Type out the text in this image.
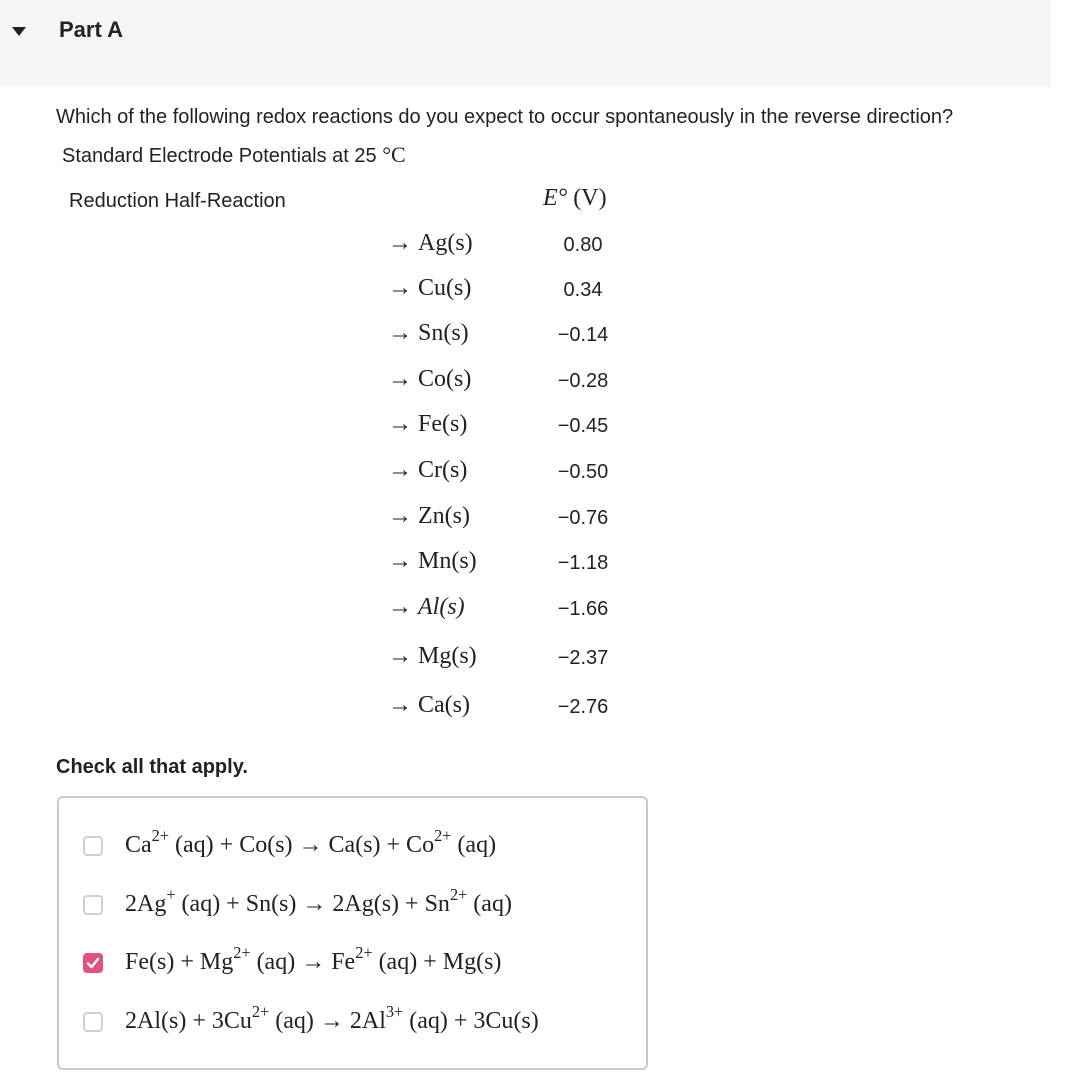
Part A
Which of the following redox reactions do you expect to occur spontaneously in the reverse direction?
Standard Electrode Potentials at 25 °C
Reduction Half-Reaction	E° (V)
→ Ag(s)	0.80
→ Cu(s)	0.34
→ Sn(s)	−0.14
→ Co(s)	−0.28
→ Fe(s)	−0.45
→ Cr(s)	−0.50
→ Zn(s)	−0.76
→ Mn(s)	−1.18
→ Al(s)	−1.66
→ Mg(s)	−2.37
→ Ca(s)	−2.76
Check all that apply.
$Ca^{2+}$ $(aq) + Co(s) \to Ca(s) + Co^{2+}$ (aq)
2Ag+ $(aq) + Sn(s) \to 2Ag(s) + Sn^{2+}$ (aq)
$Fe(s) + Mg^{2+}$ $(aq) \to Fe^{2+}$ (aq) + Mg(s)
$2Al(s) + 3Cu^{2+}$ $(aq) \to 2Al^{3+}$ (aq) + 3Cu(s)
